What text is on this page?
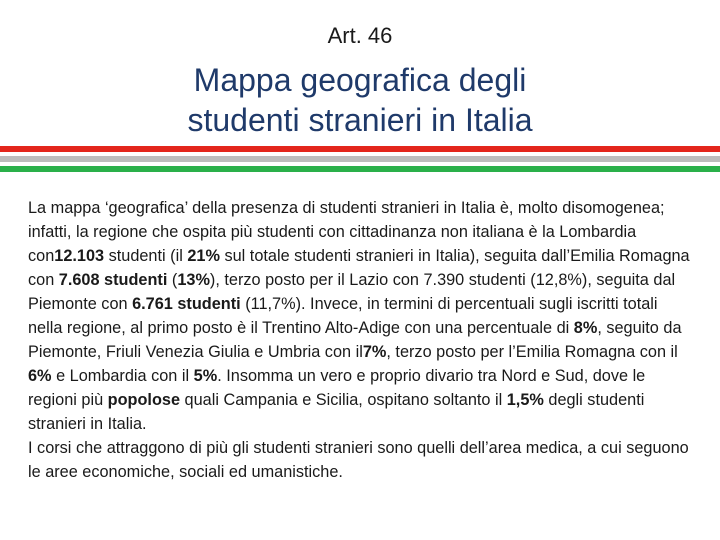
Art. 46
Mappa geografica degli
studenti stranieri in Italia

La mappa ‘geografica’ della presenza di studenti stranieri in Italia è, molto disomogenea; infatti, la regione che ospita più studenti con cittadinanza non italiana è la Lombardia con12.103 studenti (il 21% sul totale studenti stranieri in Italia), seguita dall’Emilia Romagna con 7.608 studenti (13%), terzo posto per il Lazio con 7.390 studenti (12,8%), seguita dal Piemonte con 6.761 studenti (11,7%). Invece, in termini di percentuali sugli iscritti totali nella regione, al primo posto è il Trentino Alto-Adige con una percentuale di 8%, seguito da Piemonte, Friuli Venezia Giulia e Umbria con il7%, terzo posto per l’Emilia Romagna con il 6% e Lombardia con il 5%. Insomma un vero e proprio divario tra Nord e Sud, dove le regioni più popolose quali Campania e Sicilia, ospitano soltanto il 1,5% degli studenti stranieri in Italia.

I corsi che attraggono di più gli studenti stranieri sono quelli dell’area medica, a cui seguono le aree economiche, sociali ed umanistiche.
